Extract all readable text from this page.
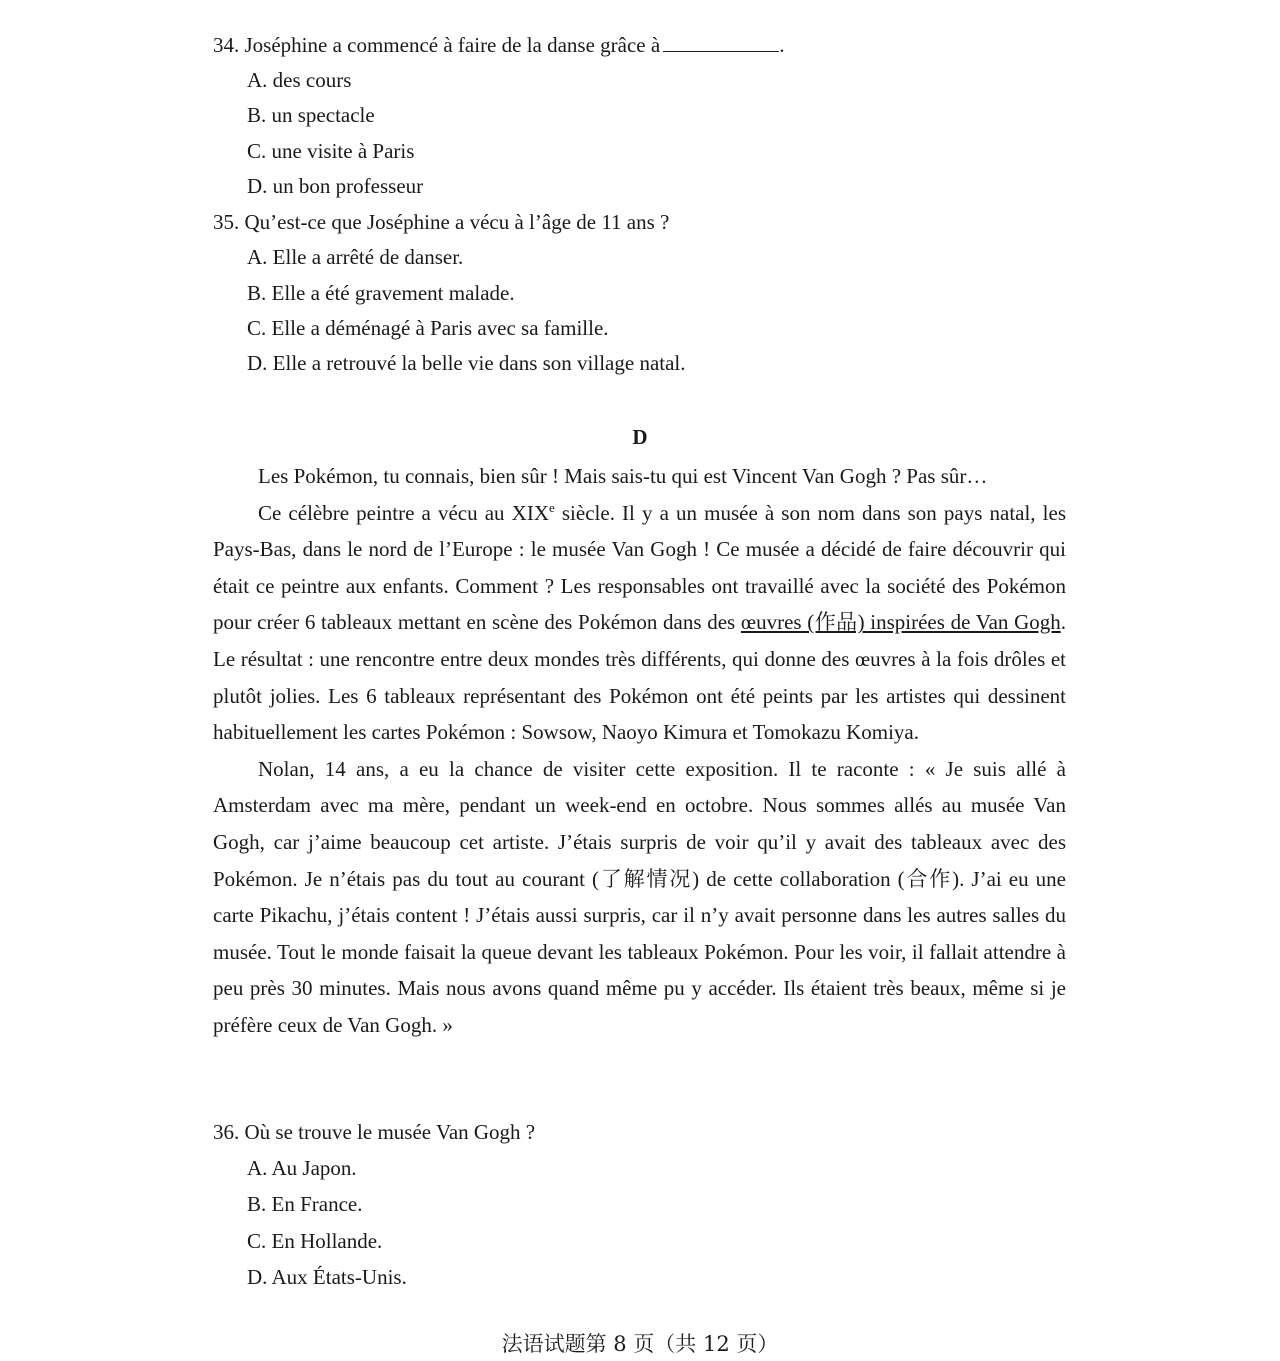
34. Joséphine a commencé à faire de la danse grâce à	.
A. des cours
B. un spectacle
C. une visite à Paris
D. un bon professeur
35. Qu’est-ce que Joséphine a vécu à l’âge de 11 ans ?
A. Elle a arrêté de danser.
B. Elle a été gravement malade.
C. Elle a déménagé à Paris avec sa famille.
D. Elle a retrouvé la belle vie dans son village natal.
D

Les Pokémon, tu connais, bien sûr ! Mais sais-tu qui est Vincent Van Gogh ? Pas sûr…

Ce célèbre peintre a vécu au XIXe siècle. Il y a un musée à son nom dans son pays natal, les Pays-Bas, dans le nord de l’Europe : le musée Van Gogh ! Ce musée a décidé de faire découvrir qui était ce peintre aux enfants. Comment ? Les responsables ont travaillé avec la société des Pokémon pour créer 6 tableaux mettant en scène des Pokémon dans des œuvres (作品) inspirées de Van Gogh. Le résultat : une rencontre entre deux mondes très différents, qui donne des œuvres à la fois drôles et plutôt jolies. Les 6 tableaux représentant des Pokémon ont été peints par les artistes qui dessinent habituellement les cartes Pokémon : Sowsow, Naoyo Kimura et Tomokazu Komiya.

Nolan, 14 ans, a eu la chance de visiter cette exposition. Il te raconte : « Je suis allé à Amsterdam avec ma mère, pendant un week-end en octobre. Nous sommes allés au musée Van Gogh, car j’aime beaucoup cet artiste. J’étais surpris de voir qu’il y avait des tableaux avec des Pokémon. Je n’étais pas du tout au courant (了解情况) de cette collaboration (合作). J’ai eu une carte Pikachu, j’étais content ! J’étais aussi surpris, car il n’y avait personne dans les autres salles du musée. Tout le monde faisait la queue devant les tableaux Pokémon. Pour les voir, il fallait attendre à peu près 30 minutes. Mais nous avons quand même pu y accéder. Ils étaient très beaux, même si je préfère ceux de Van Gogh. »

36. Où se trouve le musée Van Gogh ?
A. Au Japon.
B. En France.
C. En Hollande.
D. Aux États-Unis.
法语试题第 8 页（共 12 页）
